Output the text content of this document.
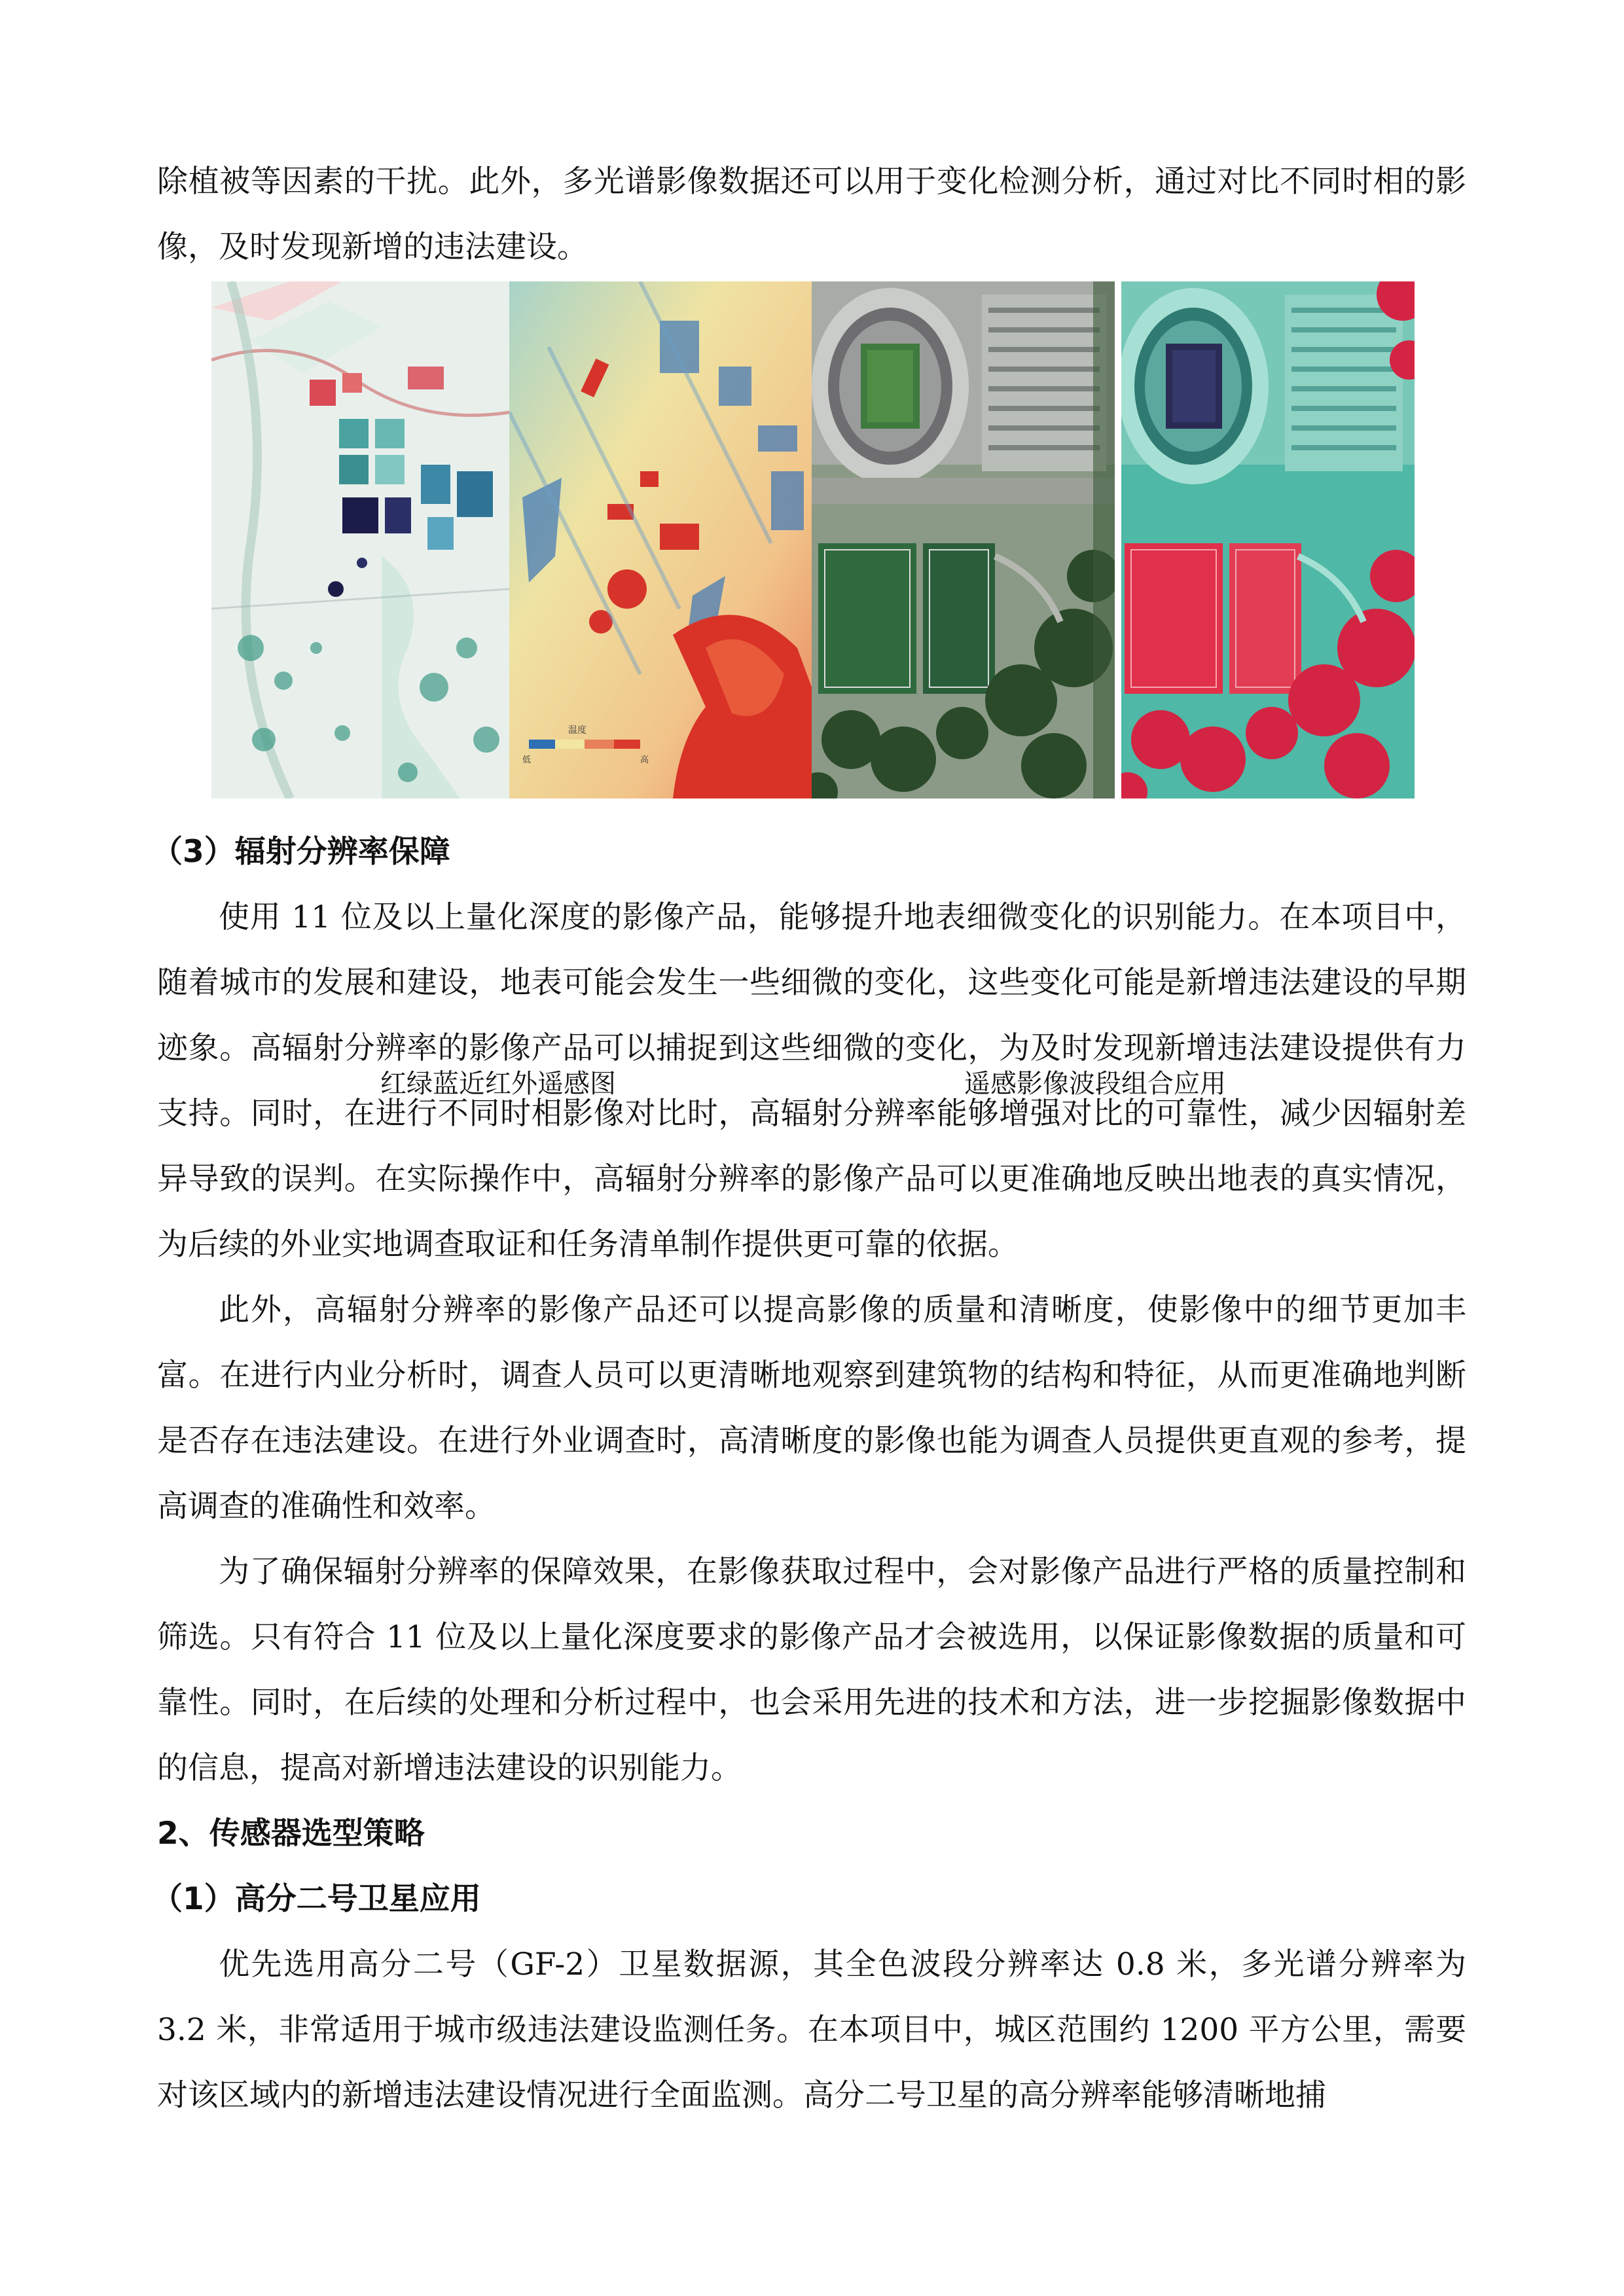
除植被等因素的干扰。此外，多光谱影像数据还可以用于变化检测分析，通过对比不同时相的影像，及时发现新增的违法建设。

温度
低	高
红绿蓝近红外遥感图	遥感影像波段组合应用
（3）辐射分辨率保障

使用 11 位及以上量化深度的影像产品，能够提升地表细微变化的识别能力。在本项目中，随着城市的发展和建设，地表可能会发生一些细微的变化，这些变化可能是新增违法建设的早期迹象。高辐射分辨率的影像产品可以捕捉到这些细微的变化，为及时发现新增违法建设提供有力支持。同时，在进行不同时相影像对比时，高辐射分辨率能够增强对比的可靠性，减少因辐射差异导致的误判。在实际操作中，高辐射分辨率的影像产品可以更准确地反映出地表的真实情况，为后续的外业实地调查取证和任务清单制作提供更可靠的依据。

此外，高辐射分辨率的影像产品还可以提高影像的质量和清晰度，使影像中的细节更加丰富。在进行内业分析时，调查人员可以更清晰地观察到建筑物的结构和特征，从而更准确地判断是否存在违法建设。在进行外业调查时，高清晰度的影像也能为调查人员提供更直观的参考，提高调查的准确性和效率。

为了确保辐射分辨率的保障效果，在影像获取过程中，会对影像产品进行严格的质量控制和筛选。只有符合 11 位及以上量化深度要求的影像产品才会被选用，以保证影像数据的质量和可靠性。同时，在后续的处理和分析过程中，也会采用先进的技术和方法，进一步挖掘影像数据中的信息，提高对新增违法建设的识别能力。

2、传感器选型策略
（1）高分二号卫星应用

优先选用高分二号（GF-2）卫星数据源，其全色波段分辨率达 0.8 米，多光谱分辨率为 3.2 米，非常适用于城市级违法建设监测任务。在本项目中，城区范围约 1200 平方公里，需要对该区域内的新增违法建设情况进行全面监测。高分二号卫星的高分辨率能够清晰地捕
